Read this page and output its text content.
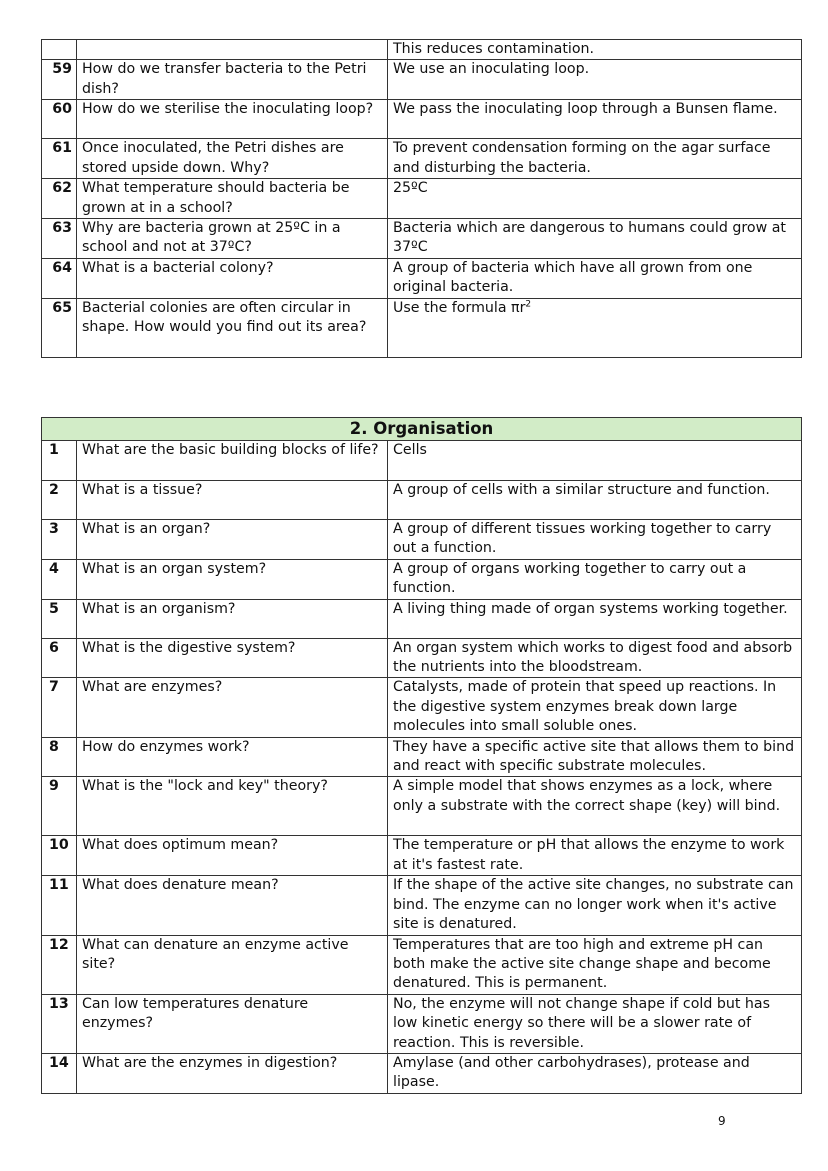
		This reduces contamination.
59	How do we transfer bacteria to the Petri dish?	We use an inoculating loop.
60	How do we sterilise the inoculating loop?	We pass the inoculating loop through a Bunsen flame.
61	Once inoculated, the Petri dishes are stored upside down. Why?	To prevent condensation forming on the agar surface and disturbing the bacteria.
62	What temperature should bacteria be grown at in a school?	25ºC
63	Why are bacteria grown at 25ºC in a school and not at 37ºC?	Bacteria which are dangerous to humans could grow at 37ºC
64	What is a bacterial colony?	A group of bacteria which have all grown from one original bacteria.
65	Bacterial colonies are often circular in shape. How would you find out its area?	Use the formula $\pi r^2$
2. Organisation		
1	What are the basic building blocks of life?	Cells
2	What is a tissue?	A group of cells with a similar structure and function.
3	What is an organ?	A group of different tissues working together to carry out a function.
4	What is an organ system?	A group of organs working together to carry out a function.
5	What is an organism?	A living thing made of organ systems working together.
6	What is the digestive system?	An organ system which works to digest food and absorb the nutrients into the bloodstream.
7	What are enzymes?	Catalysts, made of protein that speed up reactions. In the digestive system enzymes break down large molecules into small soluble ones.
8	How do enzymes work?	They have a specific active site that allows them to bind and react with specific substrate molecules.
9	What is the "lock and key" theory?	A simple model that shows enzymes as a lock, where only a substrate with the correct shape (key) will bind.
10	What does optimum mean?	The temperature or pH that allows the enzyme to work at it's fastest rate.
11	What does denature mean?	If the shape of the active site changes, no substrate can bind. The enzyme can no longer work when it's active site is denatured.
12	What can denature an enzyme active site?	Temperatures that are too high and extreme pH can both make the active site change shape and become denatured. This is permanent.
13	Can low temperatures denature enzymes?	No, the enzyme will not change shape if cold but has low kinetic energy so there will be a slower rate of reaction. This is reversible.
14	What are the enzymes in digestion?	Amylase (and other carbohydrases), protease and lipase.
9
